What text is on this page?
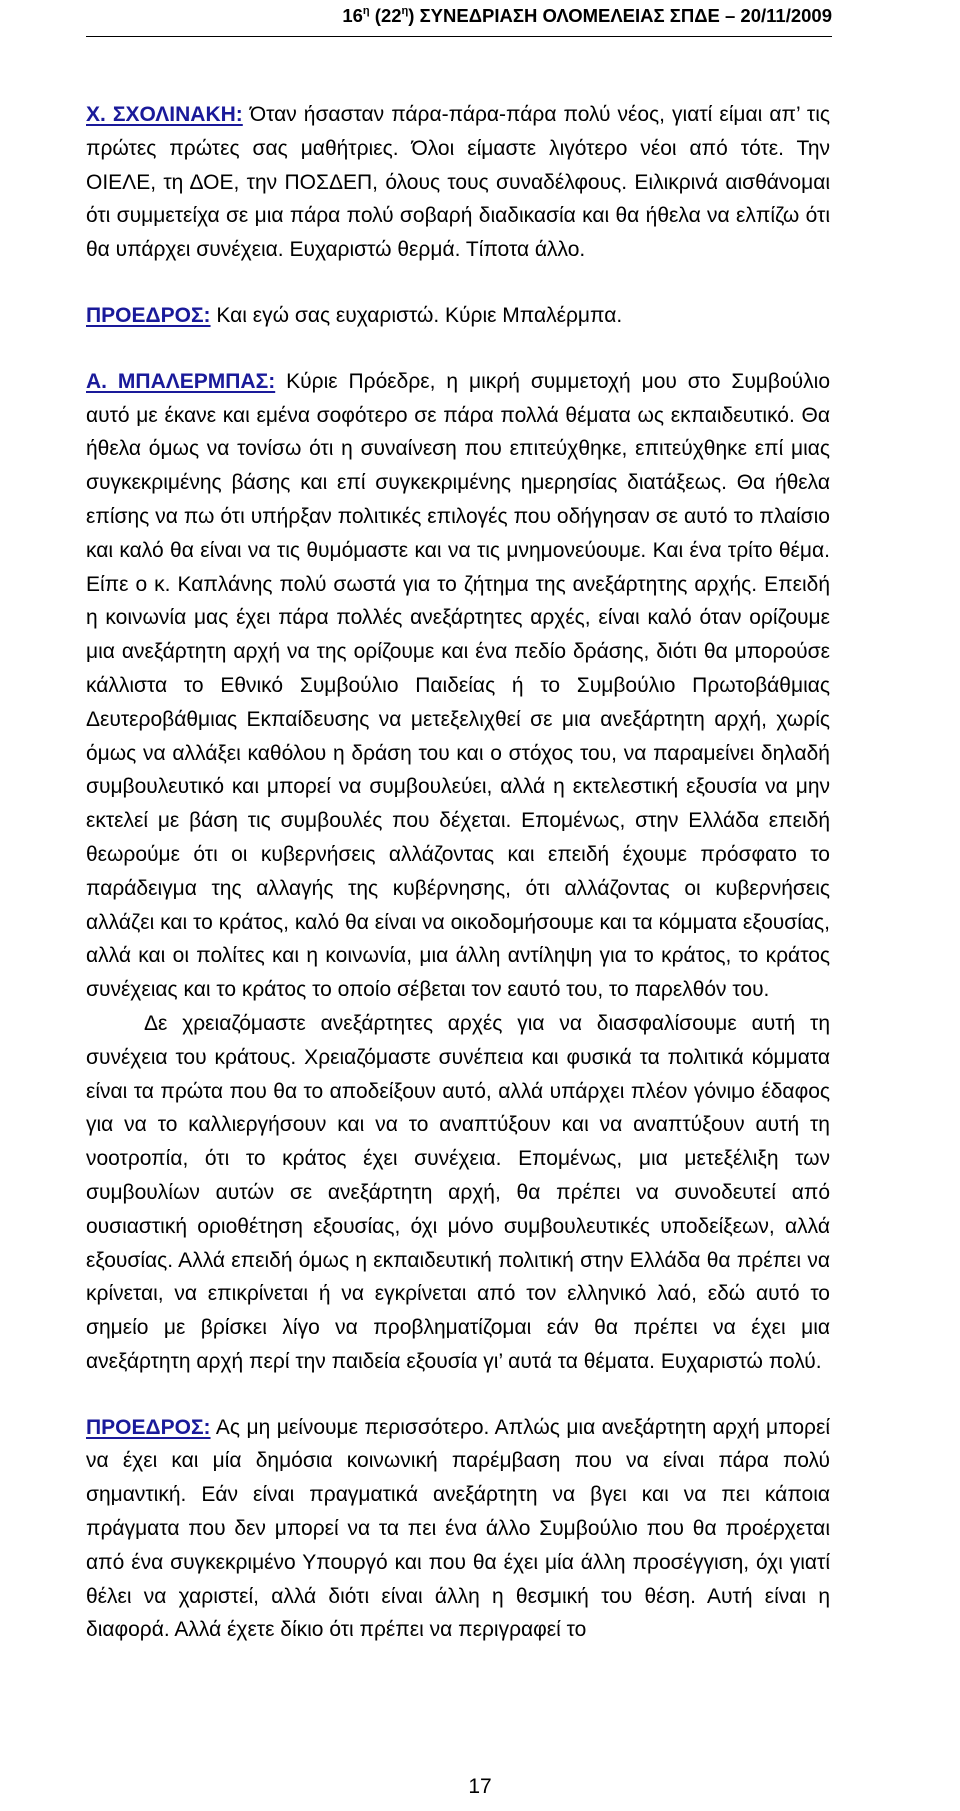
$16^\eta$ $(22^\eta)$ ΣΥΝΕΔΡΙΑΣΗ ΟΛΟΜΕΛΕΙΑΣ ΣΠΔΕ – 20/11/2009

Χ. ΣΧΟΛΙΝΑΚΗ: Όταν ήσασταν πάρα-πάρα-πάρα πολύ νέος, γιατί είμαι απ’ τις πρώτες πρώτες σας μαθήτριες. Όλοι είμαστε λιγότερο νέοι από τότε. Την ΟΙΕΛΕ, τη ΔΟΕ, την ΠΟΣΔΕΠ, όλους τους συναδέλφους. Ειλικρινά αισθάνομαι ότι συμμετείχα σε μια πάρα πολύ σοβαρή διαδικασία και θα ήθελα να ελπίζω ότι θα υπάρχει συνέχεια. Ευχαριστώ θερμά. Τίποτα άλλο.

ΠΡΟΕΔΡΟΣ: Και εγώ σας ευχαριστώ. Κύριε Μπαλέρμπα.

Α. ΜΠΑΛΕΡΜΠΑΣ: Κύριε Πρόεδρε, η μικρή συμμετοχή μου στο Συμβούλιο αυτό με έκανε και εμένα σοφότερο σε πάρα πολλά θέματα ως εκπαιδευτικό. Θα ήθελα όμως να τονίσω ότι η συναίνεση που επιτεύχθηκε, επιτεύχθηκε επί μιας συγκεκριμένης βάσης και επί συγκεκριμένης ημερησίας διατάξεως. Θα ήθελα επίσης να πω ότι υπήρξαν πολιτικές επιλογές που οδήγησαν σε αυτό το πλαίσιο και καλό θα είναι να τις θυμόμαστε και να τις μνημονεύουμε. Και ένα τρίτο θέμα. Είπε ο κ. Καπλάνης πολύ σωστά για το ζήτημα της ανεξάρτητης αρχής. Επειδή η κοινωνία μας έχει πάρα πολλές ανεξάρτητες αρχές, είναι καλό όταν ορίζουμε μια ανεξάρτητη αρχή να της ορίζουμε και ένα πεδίο δράσης, διότι θα μπορούσε κάλλιστα το Εθνικό Συμβούλιο Παιδείας ή το Συμβούλιο Πρωτοβάθμιας Δευτεροβάθμιας Εκπαίδευσης να μετεξελιχθεί σε μια ανεξάρτητη αρχή, χωρίς όμως να αλλάξει καθόλου η δράση του και ο στόχος του, να παραμείνει δηλαδή συμβουλευτικό και μπορεί να συμβουλεύει, αλλά η εκτελεστική εξουσία να μην εκτελεί με βάση τις συμβουλές που δέχεται. Επομένως, στην Ελλάδα επειδή θεωρούμε ότι οι κυβερνήσεις αλλάζοντας και επειδή έχουμε πρόσφατο το παράδειγμα της αλλαγής της κυβέρνησης, ότι αλλάζοντας οι κυβερνήσεις αλλάζει και το κράτος, καλό θα είναι να οικοδομήσουμε και τα κόμματα εξουσίας, αλλά και οι πολίτες και η κοινωνία, μια άλλη αντίληψη για το κράτος, το κράτος συνέχειας και το κράτος το οποίο σέβεται τον εαυτό του, το παρελθόν του.

Δε χρειαζόμαστε ανεξάρτητες αρχές για να διασφαλίσουμε αυτή τη συνέχεια του κράτους. Χρειαζόμαστε συνέπεια και φυσικά τα πολιτικά κόμματα είναι τα πρώτα που θα το αποδείξουν αυτό, αλλά υπάρχει πλέον γόνιμο έδαφος για να το καλλιεργήσουν και να το αναπτύξουν και να αναπτύξουν αυτή τη νοοτροπία, ότι το κράτος έχει συνέχεια. Επομένως, μια μετεξέλιξη των συμβουλίων αυτών σε ανεξάρτητη αρχή, θα πρέπει να συνοδευτεί από ουσιαστική οριοθέτηση εξουσίας, όχι μόνο συμβουλευτικές υποδείξεων, αλλά εξουσίας. Αλλά επειδή όμως η εκπαιδευτική πολιτική στην Ελλάδα θα πρέπει να κρίνεται, να επικρίνεται ή να εγκρίνεται από τον ελληνικό λαό, εδώ αυτό το σημείο με βρίσκει λίγο να προβληματίζομαι εάν θα πρέπει να έχει μια ανεξάρτητη αρχή περί την παιδεία εξουσία γι’ αυτά τα θέματα. Ευχαριστώ πολύ.

ΠΡΟΕΔΡΟΣ: Ας μη μείνουμε περισσότερο. Απλώς μια ανεξάρτητη αρχή μπορεί να έχει και μία δημόσια κοινωνική παρέμβαση που να είναι πάρα πολύ σημαντική. Εάν είναι πραγματικά ανεξάρτητη να βγει και να πει κάποια πράγματα που δεν μπορεί να τα πει ένα άλλο Συμβούλιο που θα προέρχεται από ένα συγκεκριμένο Υπουργό και που θα έχει μία άλλη προσέγγιση, όχι γιατί θέλει να χαριστεί, αλλά διότι είναι άλλη η θεσμική του θέση. Αυτή είναι η διαφορά. Αλλά έχετε δίκιο ότι πρέπει να περιγραφεί το

17
